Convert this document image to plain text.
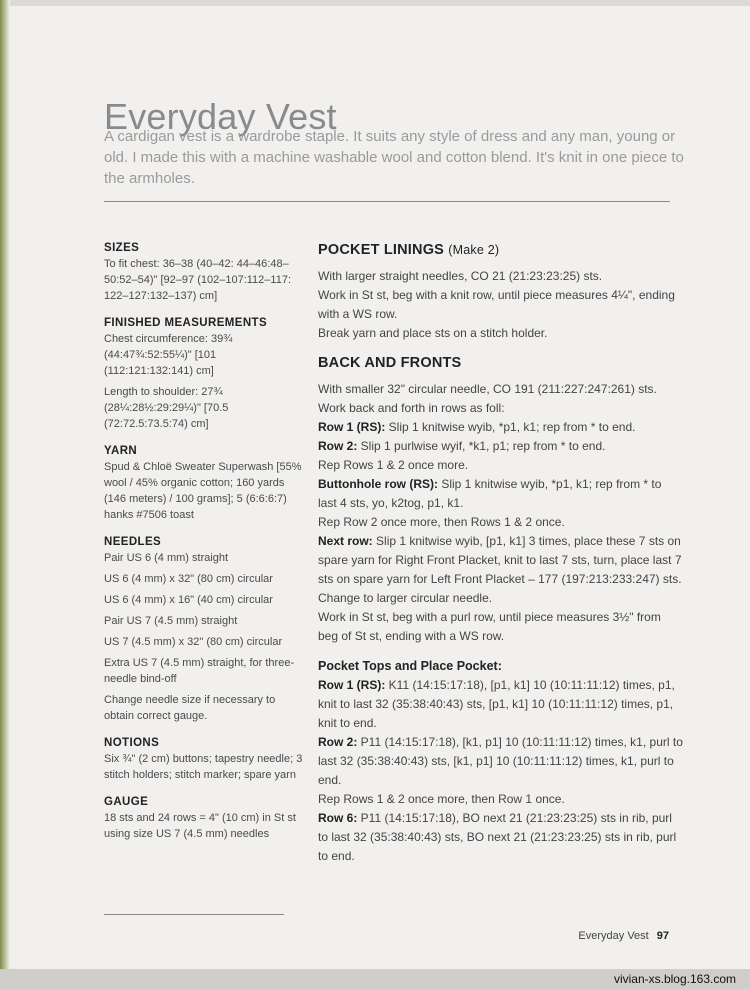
Everyday Vest
A cardigan vest is a wardrobe staple. It suits any style of dress and any man, young or old. I made this with a machine washable wool and cotton blend. It's knit in one piece to the armholes.
SIZES

To fit chest: 36–38 (40–42: 44–46:48–50:52–54)" [92–97 (102–107:112–117: 122–127:132–137) cm]

FINISHED MEASUREMENTS

Chest circumference: 39¾ (44:47¾:52:55¼)" [101 (112:121:132:141) cm]

Length to shoulder: 27¾ (28¼:28½:29:29¼)" [70.5 (72:72.5:73.5:74) cm]

YARN

Spud & Chloë Sweater Superwash [55% wool / 45% organic cotton; 160 yards (146 meters) / 100 grams]; 5 (6:6:6:7) hanks #7506 toast

NEEDLES

Pair US 6 (4 mm) straight

US 6 (4 mm) x 32" (80 cm) circular

US 6 (4 mm) x 16" (40 cm) circular

Pair US 7 (4.5 mm) straight

US 7 (4.5 mm) x 32" (80 cm) circular

Extra US 7 (4.5 mm) straight, for three-needle bind-off

Change needle size if necessary to obtain correct gauge.

NOTIONS

Six ¾" (2 cm) buttons; tapestry needle; 3 stitch holders; stitch marker; spare yarn

GAUGE

18 sts and 24 rows = 4" (10 cm) in St st using size US 7 (4.5 mm) needles

POCKET LININGS (Make 2)

With larger straight needles, CO 21 (21:23:23:25) sts.

Work in St st, beg with a knit row, until piece measures 4¼", ending with a WS row.

Break yarn and place sts on a stitch holder.

BACK AND FRONTS

With smaller 32" circular needle, CO 191 (211:227:247:261) sts.

Work back and forth in rows as foll:

Row 1 (RS): Slip 1 knitwise wyib, *p1, k1; rep from * to end.

Row 2: Slip 1 purlwise wyif, *k1, p1; rep from * to end.

Rep Rows 1 & 2 once more.

Buttonhole row (RS): Slip 1 knitwise wyib, *p1, k1; rep from * to last 4 sts, yo, k2tog, p1, k1.

Rep Row 2 once more, then Rows 1 & 2 once.

Next row: Slip 1 knitwise wyib, [p1, k1] 3 times, place these 7 sts on spare yarn for Right Front Placket, knit to last 7 sts, turn, place last 7 sts on spare yarn for Left Front Placket – 177 (197:213:233:247) sts.

Change to larger circular needle.

Work in St st, beg with a purl row, until piece measures 3½" from beg of St st, ending with a WS row.

Pocket Tops and Place Pocket:

Row 1 (RS): K11 (14:15:17:18), [p1, k1] 10 (10:11:11:12) times, p1, knit to last 32 (35:38:40:43) sts, [p1, k1] 10 (10:11:11:12) times, p1, knit to end.

Row 2: P11 (14:15:17:18), [k1, p1] 10 (10:11:11:12) times, k1, purl to last 32 (35:38:40:43) sts, [k1, p1] 10 (10:11:11:12) times, k1, purl to end.

Rep Rows 1 & 2 once more, then Row 1 once.

Row 6: P11 (14:15:17:18), BO next 21 (21:23:23:25) sts in rib, purl to last 32 (35:38:40:43) sts, BO next 21 (21:23:23:25) sts in rib, purl to end.

Everyday Vest 97
vivian-xs.blog.163.com
